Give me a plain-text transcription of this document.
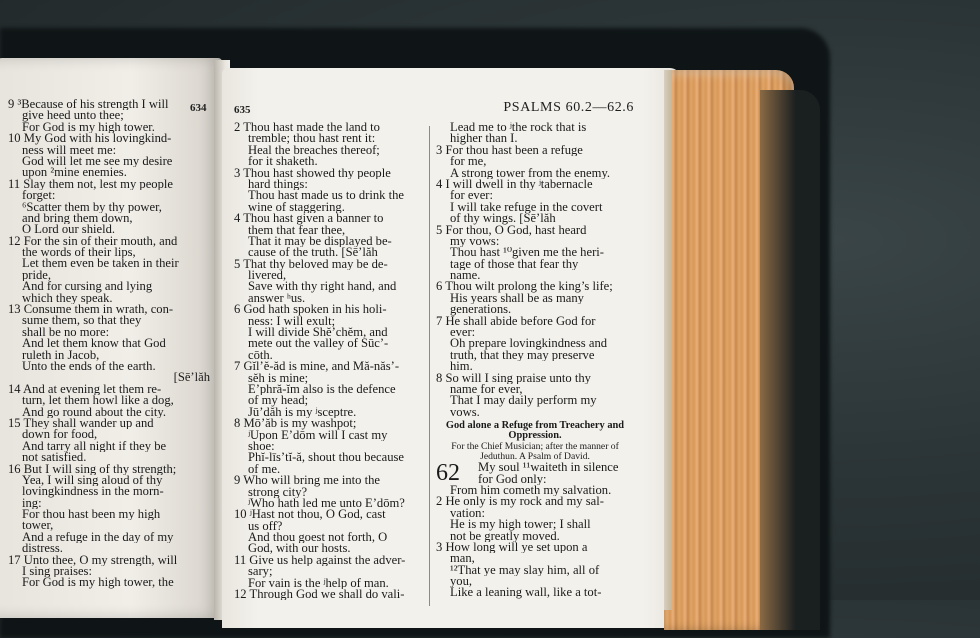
634
9 ³Because of his strength I will
give heed unto thee;
For God is my high tower.
10 My God with his lovingkind-
ness will meet me:
God will let me see my desire
upon ²mine enemies.
11 Slay them not, lest my people
forget:
⁶Scatter them by thy power,
and bring them down,
O Lord our shield.
12 For the sin of their mouth, and
the words of their lips,
Let them even be taken in their
pride,
And for cursing and lying
which they speak.
13 Consume them in wrath, con-
sume them, so that they
shall be no more:
And let them know that God
ruleth in Jacob,
Unto the ends of the earth.
[Sēʼlăh
14 And at evening let them re-
turn, let them howl like a dog,
And go round about the city.
15 They shall wander up and
down for food,
And tarry all night if they be
not satisfied.
16 But I will sing of thy strength;
Yea, I will sing aloud of thy
lovingkindness in the morn-
ing:
For thou hast been my high
tower,
And a refuge in the day of my
distress.
17 Unto thee, O my strength, will
I sing praises:
For God is my high tower, the
635	PSALMS 60.2—62.6
2 Thou hast made the land to
tremble; thou hast rent it:
Heal the breaches thereof;
for it shaketh.
3 Thou hast showed thy people
hard things:
Thou hast made us to drink the
wine of staggering.
4 Thou hast given a banner to
them that fear thee,
That it may be displayed be-
cause of the truth. [Sēʼlăh
5 That thy beloved may be de-
livered,
Save with thy right hand, and
answer ʰus.
6 God hath spoken in his holi-
ness: I will exult;
I will divide Shĕʼchĕm, and
mete out the valley of Sūcʼ-
cōth.
7 Gĭlʼĕ-ăd is mine, and Mă-năsʼ-
sĕh is mine;
Ēʼphră-ĭm also is the defence
of my head;
Jūʼdăh is my ʲsceptre.
8 Mōʼăb is my washpot;
ʲUpon Ēʼdōm will I cast my
shoe:
Phĭ-līsʼtĭ-ă, shout thou because
of me.
9 Who will bring me into the
strong city?
ʲWho hath led me unto Ēʼdōm?
10 ʲHast not thou, O God, cast
us off?
And thou goest not forth, O
God, with our hosts.
11 Give us help against the adver-
sary;
For vain is the ʲhelp of man.
12 Through God we shall do vali-
Lead me to ʲthe rock that is
higher than I.
3 For thou hast been a refuge
for me,
A strong tower from the enemy.
4 I will dwell in thy ʲtabernacle
for ever:
I will take refuge in the covert
of thy wings. [Sēʼlăh
5 For thou, O God, hast heard
my vows:
Thou hast ¹⁰given me the heri-
tage of those that fear thy
name.
6 Thou wilt prolong the king’s life;
His years shall be as many
generations.
7 He shall abide before God for
ever:
Oh prepare lovingkindness and
truth, that they may preserve
him.
8 So will I sing praise unto thy
name for ever,
That I may daily perform my
vows.
God alone a Refuge from Treachery and Oppression.
For the Chief Musician; after the manner of Jeduthun. A Psalm of David.
62	My soul ¹¹waiteth in silence
for God only:
From him cometh my salvation.
2 He only is my rock and my sal-
vation:
He is my high tower; I shall
not be greatly moved.
3 How long will ye set upon a
man,
¹²That ye may slay him, all of
you,
Like a leaning wall, like a tot-
